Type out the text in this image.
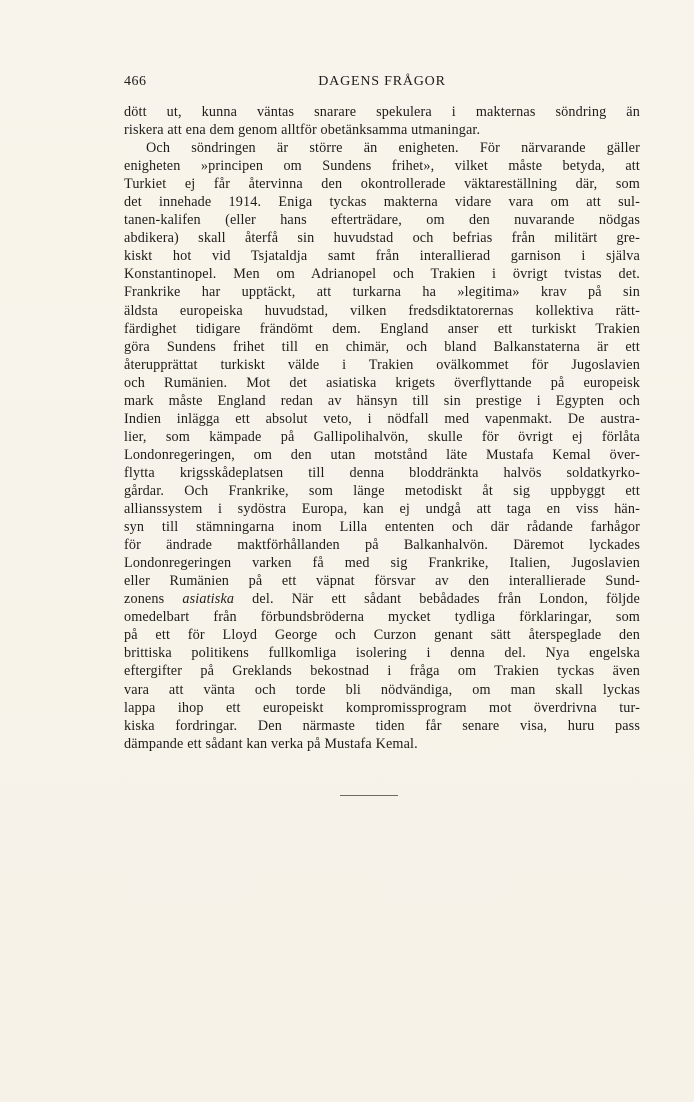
466	DAGENS FRÅGOR
dött ut, kunna väntas snarare spekulera i makternas söndring än
riskera att ena dem genom alltför obetänksamma utmaningar.
Och söndringen är större än enigheten. För närvarande gäller
enigheten »principen om Sundens frihet», vilket måste betyda, att
Turkiet ej får återvinna den okontrollerade väktareställning där, som
det innehade 1914. Eniga tyckas makterna vidare vara om att sul-
tanen-kalifen (eller hans efterträdare, om den nuvarande nödgas
abdikera) skall återfå sin huvudstad och befrias från militärt gre-
kiskt hot vid Tsjataldja samt från interallierad garnison i själva
Konstantinopel. Men om Adrianopel och Trakien i övrigt tvistas det.
Frankrike har upptäckt, att turkarna ha »legitima» krav på sin
äldsta europeiska huvudstad, vilken fredsdiktatorernas kollektiva rätt-
färdighet tidigare frändömt dem. England anser ett turkiskt Trakien
göra Sundens frihet till en chimär, och bland Balkanstaterna är ett
återupprättat turkiskt välde i Trakien ovälkommet för Jugoslavien
och Rumänien. Mot det asiatiska krigets överflyttande på europeisk
mark måste England redan av hänsyn till sin prestige i Egypten och
Indien inlägga ett absolut veto, i nödfall med vapenmakt. De austra-
lier, som kämpade på Gallipolihalvön, skulle för övrigt ej förlåta
Londonregeringen, om den utan motstånd läte Mustafa Kemal över-
flytta krigsskådeplatsen till denna bloddränkta halvös soldatkyrko-
gårdar. Och Frankrike, som länge metodiskt åt sig uppbyggt ett
allianssystem i sydöstra Europa, kan ej undgå att taga en viss hän-
syn till stämningarna inom Lilla ententen och där rådande farhågor
för ändrade maktförhållanden på Balkanhalvön. Däremot lyckades
Londonregeringen varken få med sig Frankrike, Italien, Jugoslavien
eller Rumänien på ett väpnat försvar av den interallierade Sund-
zonens asiatiska del. När ett sådant bebådades från London, följde
omedelbart från förbundsbröderna mycket tydliga förklaringar, som
på ett för Lloyd George och Curzon genant sätt återspeglade den
brittiska politikens fullkomliga isolering i denna del. Nya engelska
eftergifter på Greklands bekostnad i fråga om Trakien tyckas även
vara att vänta och torde bli nödvändiga, om man skall lyckas
lappa ihop ett europeiskt kompromissprogram mot överdrivna tur-
kiska fordringar. Den närmaste tiden får senare visa, huru pass
dämpande ett sådant kan verka på Mustafa Kemal.
